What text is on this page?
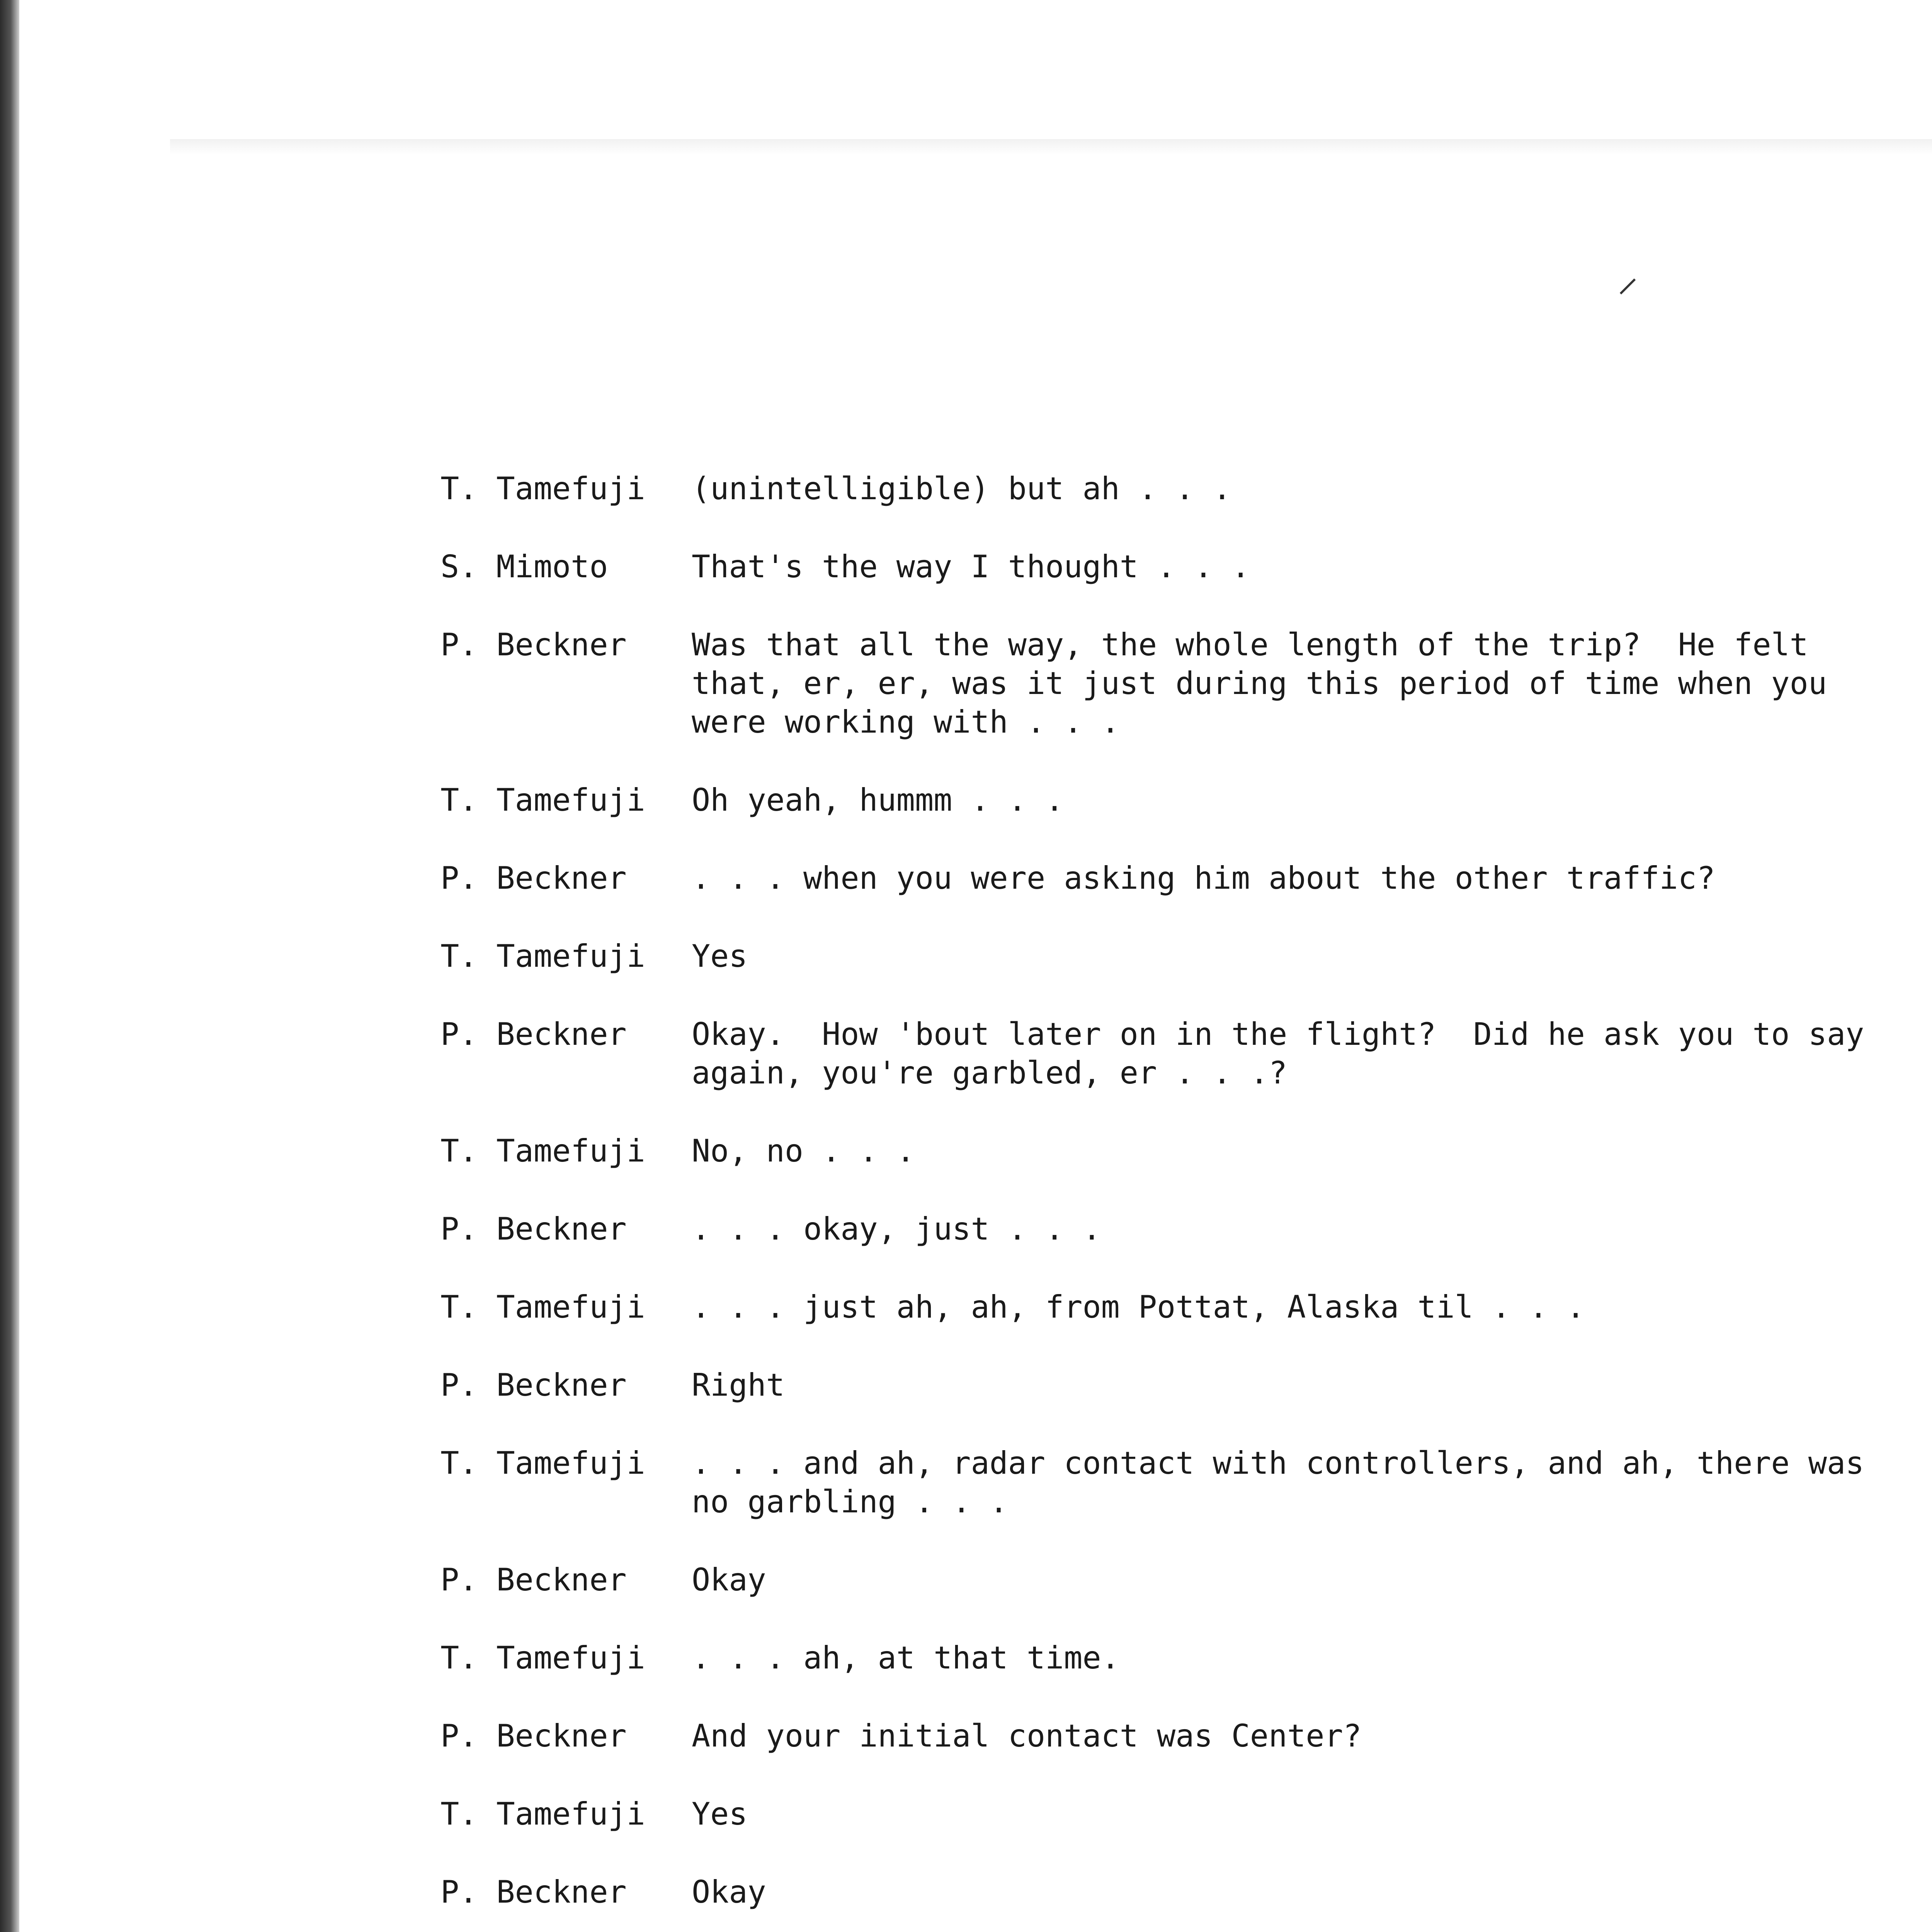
⸝
T. Tamefuji	(unintelligible) but ah . . .
S. Mimoto	That's the way I thought . . .
P. Beckner	Was that all the way, the whole length of the trip?  He felt
that, er, er, was it just during this period of time when you
were working with . . .
T. Tamefuji	Oh yeah, hummm . . .
P. Beckner	. . . when you were asking him about the other traffic?
T. Tamefuji	Yes
P. Beckner	Okay.  How 'bout later on in the flight?  Did he ask you to say
again, you're garbled, er . . .?
T. Tamefuji	No, no . . .
P. Beckner	. . . okay, just . . .
T. Tamefuji	. . . just ah, ah, from Pottat, Alaska til . . .
P. Beckner	Right
T. Tamefuji	. . . and ah, radar contact with controllers, and ah, there was
no garbling . . .
P. Beckner	Okay
T. Tamefuji	. . . ah, at that time.
P. Beckner	And your initial contact was Center?
T. Tamefuji	Yes
P. Beckner	Okay
